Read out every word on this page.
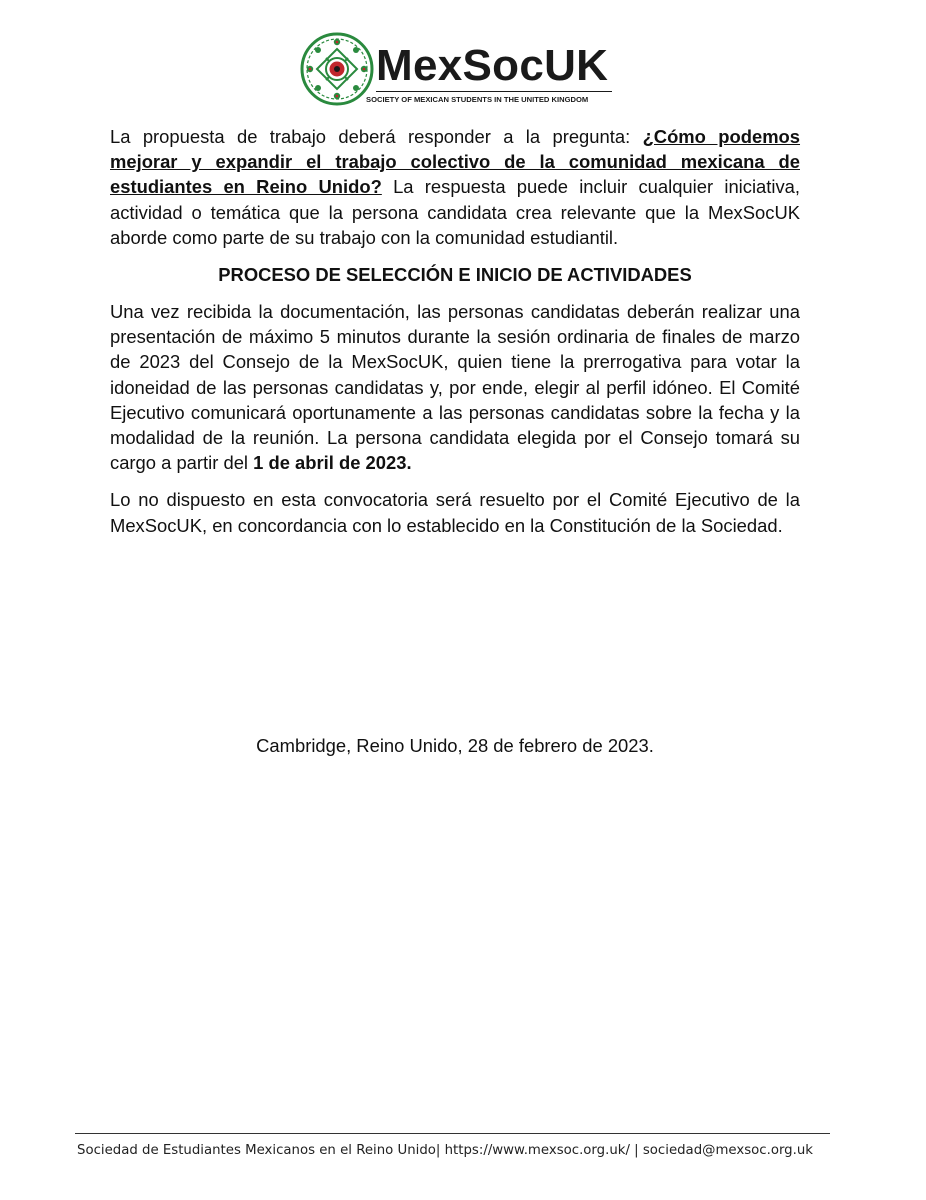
MexSocUK
SOCIETY OF MEXICAN STUDENTS IN THE UNITED KINGDOM

La propuesta de trabajo deberá responder a la pregunta: ¿Cómo podemos mejorar y expandir el trabajo colectivo de la comunidad mexicana de estudiantes en Reino Unido? La respuesta puede incluir cualquier iniciativa, actividad o temática que la persona candidata crea relevante que la MexSocUK aborde como parte de su trabajo con la comunidad estudiantil.

PROCESO DE SELECCIÓN E INICIO DE ACTIVIDADES

Una vez recibida la documentación, las personas candidatas deberán realizar una presentación de máximo 5 minutos durante la sesión ordinaria de finales de marzo de 2023 del Consejo de la MexSocUK, quien tiene la prerrogativa para votar la idoneidad de las personas candidatas y, por ende, elegir al perfil idóneo. El Comité Ejecutivo comunicará oportunamente a las personas candidatas sobre la fecha y la modalidad de la reunión. La persona candidata elegida por el Consejo tomará su cargo a partir del 1 de abril de 2023.

Lo no dispuesto en esta convocatoria será resuelto por el Comité Ejecutivo de la MexSocUK, en concordancia con lo establecido en la Constitución de la Sociedad.

Cambridge, Reino Unido, 28 de febrero de 2023.
Sociedad de Estudiantes Mexicanos en el Reino Unido| https://www.mexsoc.org.uk/ | sociedad@mexsoc.org.uk
